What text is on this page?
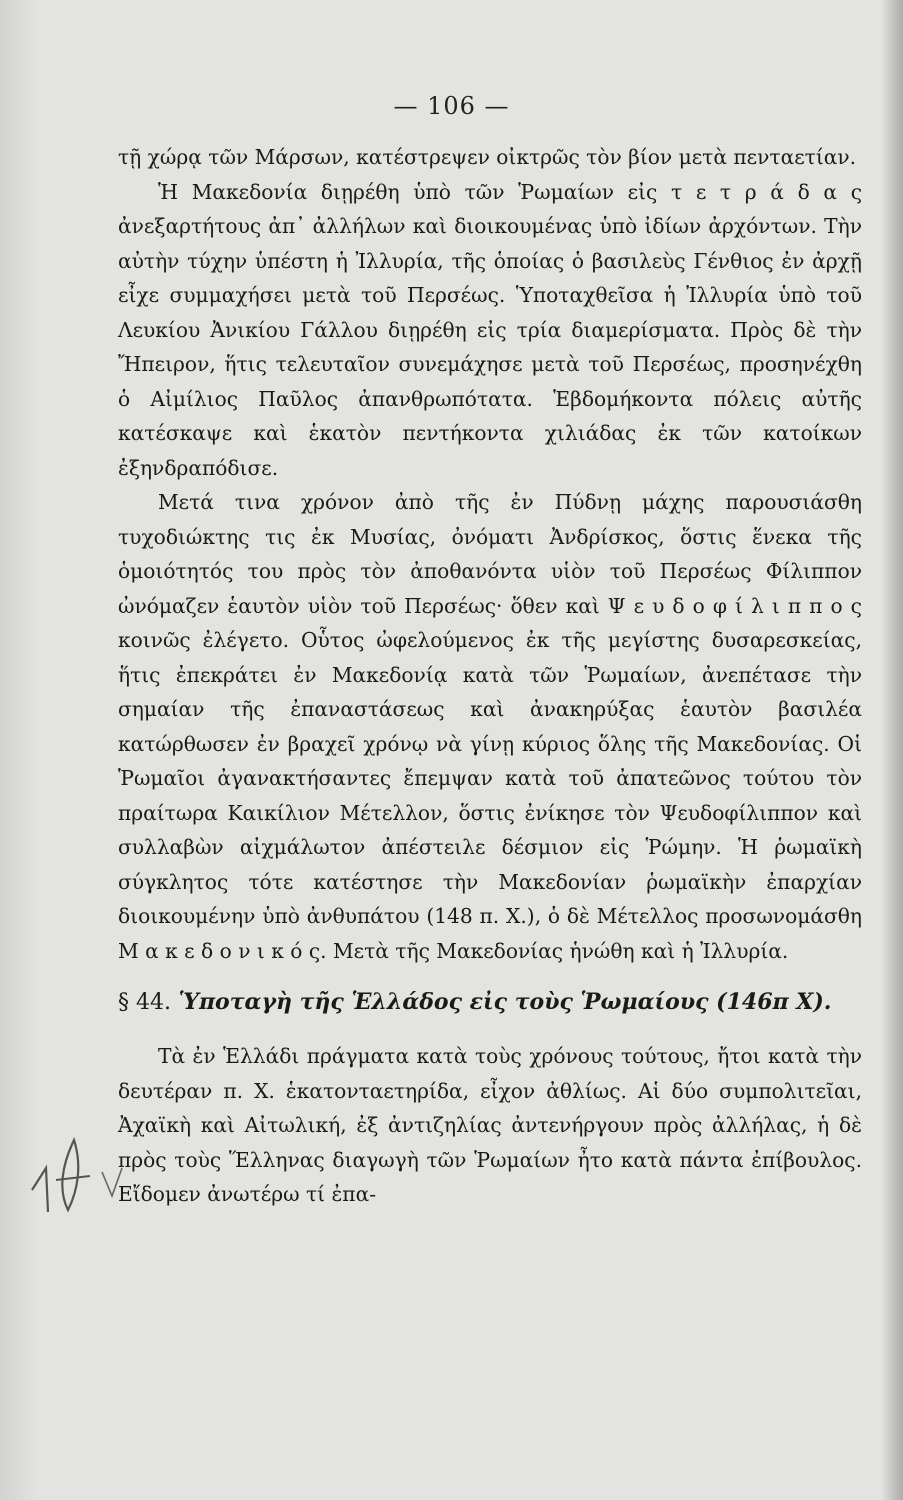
— 106 —

τῇ χώρᾳ τῶν Μάρσων, κατέστρεψεν οἰκτρῶς τὸν βίον μετὰ πενταετίαν.

Ἡ Μακεδονία διῃρέθη ὑπὸ τῶν Ῥωμαίων εἰς τ ε τ ρ ά δ α ς ἀνεξαρτήτους ἀπ᾽ ἀλλήλων καὶ διοικουμένας ὑπὸ ἰδίων ἀρχόντων. Τὴν αὐτὴν τύχην ὑπέστη ἡ Ἰλλυρία, τῆς ὁποίας ὁ βασιλεὺς Γένθιος ἐν ἀρχῇ εἶχε συμμαχήσει μετὰ τοῦ Περσέως. Ὑποταχθεῖσα ἡ Ἰλλυρία ὑπὸ τοῦ Λευκίου Ἀνικίου Γάλλου διῃρέθη εἰς τρία διαμερίσματα. Πρὸς δὲ τὴν Ἤπειρον, ἥτις τελευταῖον συνεμάχησε μετὰ τοῦ Περσέως, προσηνέχθη ὁ Αἰμίλιος Παῦλος ἀπανθρωπότατα. Ἑβδομήκοντα πόλεις αὐτῆς κατέσκαψε καὶ ἑκατὸν πεντήκοντα χιλιάδας ἐκ τῶν κατοίκων ἐξηνδραπόδισε.

Μετά τινα χρόνον ἀπὸ τῆς ἐν Πύδνῃ μάχης παρουσιάσθη τυχοδιώκτης τις ἐκ Μυσίας, ὀνόματι Ἀνδρίσκος, ὅστις ἕνεκα τῆς ὁμοιότητός του πρὸς τὸν ἀποθανόντα υἱὸν τοῦ Περσέως Φίλιππον ὠνόμαζεν ἑαυτὸν υἱὸν τοῦ Περσέως· ὅθεν καὶ Ψ ε υ δ ο φ ί λ ι π π ο ς κοινῶς ἐλέγετο. Οὗτος ὠφελούμενος ἐκ τῆς μεγίστης δυσαρεσκείας, ἥτις ἐπεκράτει ἐν Μακεδονίᾳ κατὰ τῶν Ῥωμαίων, ἀνεπέτασε τὴν σημαίαν τῆς ἐπαναστάσεως καὶ ἀνακηρύξας ἑαυτὸν βασιλέα κατώρθωσεν ἐν βραχεῖ χρόνῳ νὰ γίνῃ κύριος ὅλης τῆς Μακεδονίας. Οἱ Ῥωμαῖοι ἀγανακτήσαντες ἔπεμψαν κατὰ τοῦ ἀπατεῶνος τούτου τὸν πραίτωρα Καικίλιον Μέτελλον, ὅστις ἐνίκησε τὸν Ψευδοφίλιππον καὶ συλλαβὼν αἰχμάλωτον ἀπέστειλε δέσμιον εἰς Ῥώμην. Ἡ ῥωμαϊκὴ σύγκλητος τότε κατέστησε τὴν Μακεδονίαν ῥωμαϊκὴν ἐπαρχίαν διοικουμένην ὑπὸ ἀνθυπάτου (148 π. Χ.), ὁ δὲ Μέτελλος προσωνομάσθη Μ α κ ε δ ο ν ι κ ό ς. Μετὰ τῆς Μακεδονίας ἡνώθη καὶ ἡ Ἰλλυρία.

§ 44. Ὑποταγὴ τῆς Ἑλλάδος εἰς τοὺς Ῥωμαίους (146π Χ).

Τὰ ἐν Ἑλλάδι πράγματα κατὰ τοὺς χρόνους τούτους, ἤτοι κατὰ τὴν δευτέραν π. Χ. ἑκατονταετηρίδα, εἶχον ἀθλίως. Αἱ δύο συμπολιτεῖαι, Ἀχαϊκὴ καὶ Αἰτωλική, ἐξ ἀντιζηλίας ἀντενήργουν πρὸς ἀλλήλας, ἡ δὲ πρὸς τοὺς Ἕλληνας διαγωγὴ τῶν Ῥωμαίων ἦτο κατὰ πάντα ἐπίβουλος. Εἴδομεν ἀνωτέρω τί ἐπα-
